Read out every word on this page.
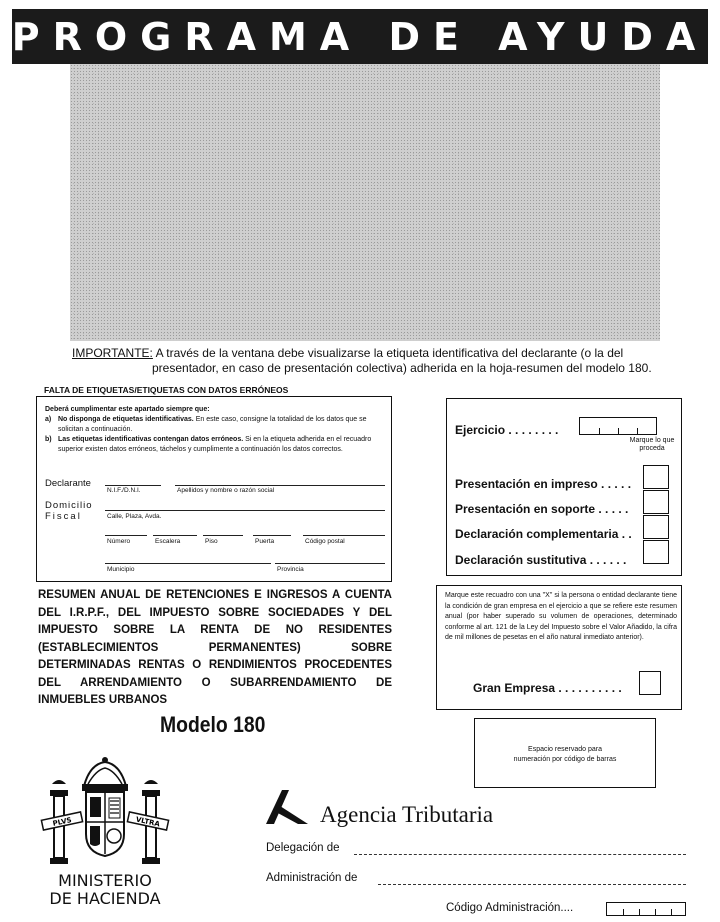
PROGRAMA DE AYUDA
IMPORTANTE: A través de la ventana debe visualizarse la etiqueta identificativa del declarante (o la del
presentador, en caso de presentación colectiva) adherida en la hoja-resumen del modelo 180.
FALTA DE ETIQUETAS/ETIQUETAS CON DATOS ERRÓNEOS
Deberá cumplimentar este apartado siempre que:
a) No disponga de etiquetas identificativas. En este caso, consigne la totalidad de los datos que se solicitan a continuación.
b) Las etiquetas identificativas contengan datos erróneos. Si en la etiqueta adherida en el recuadro superior existen datos erróneos, táchelos y cumplimente a continuación los datos correctos.
Declarante
N.I.F./D.N.I.	Apellidos y nombre o razón social
Domicilio
Fiscal	Calle, Plaza, Avda.
Número	Escalera	Piso	Puerta	Código postal
Municipio	Provincia
Ejercicio . . . . . . . .
Marque lo que proceda
Presentación en impreso . . . . .
Presentación en soporte . . . . .
Declaración complementaria . .
Declaración sustitutiva . . . . . .
RESUMEN ANUAL DE RETENCIONES E INGRESOS A CUENTA DEL I.R.P.F., DEL IMPUESTO SOBRE SOCIEDADES Y DEL IMPUESTO SOBRE LA RENTA DE NO RESIDENTES (ESTABLECIMIENTOS PERMANENTES) SOBRE DETERMINADAS RENTAS O RENDIMIENTOS PROCEDENTES DEL ARRENDAMIENTO O SUBARRENDAMIENTO DE INMUEBLES URBANOS
Marque este recuadro con una "X" si la persona o entidad declarante tiene la condición de gran empresa en el ejercicio a que se refiere este resumen anual (por haber superado su volumen de operaciones, determinado conforme al art. 121 de la Ley del Impuesto sobre el Valor Añadido, la cifra de mil millones de pesetas en el año natural inmediato anterior).
Gran Empresa . . . . . . . . . .
Modelo 180
Espacio reservado para
numeración por código de barras
PLVS	VLTRA
MINISTERIO
DE HACIENDA
Agencia Tributaria
Delegación de
Administración de
Código Administración....
